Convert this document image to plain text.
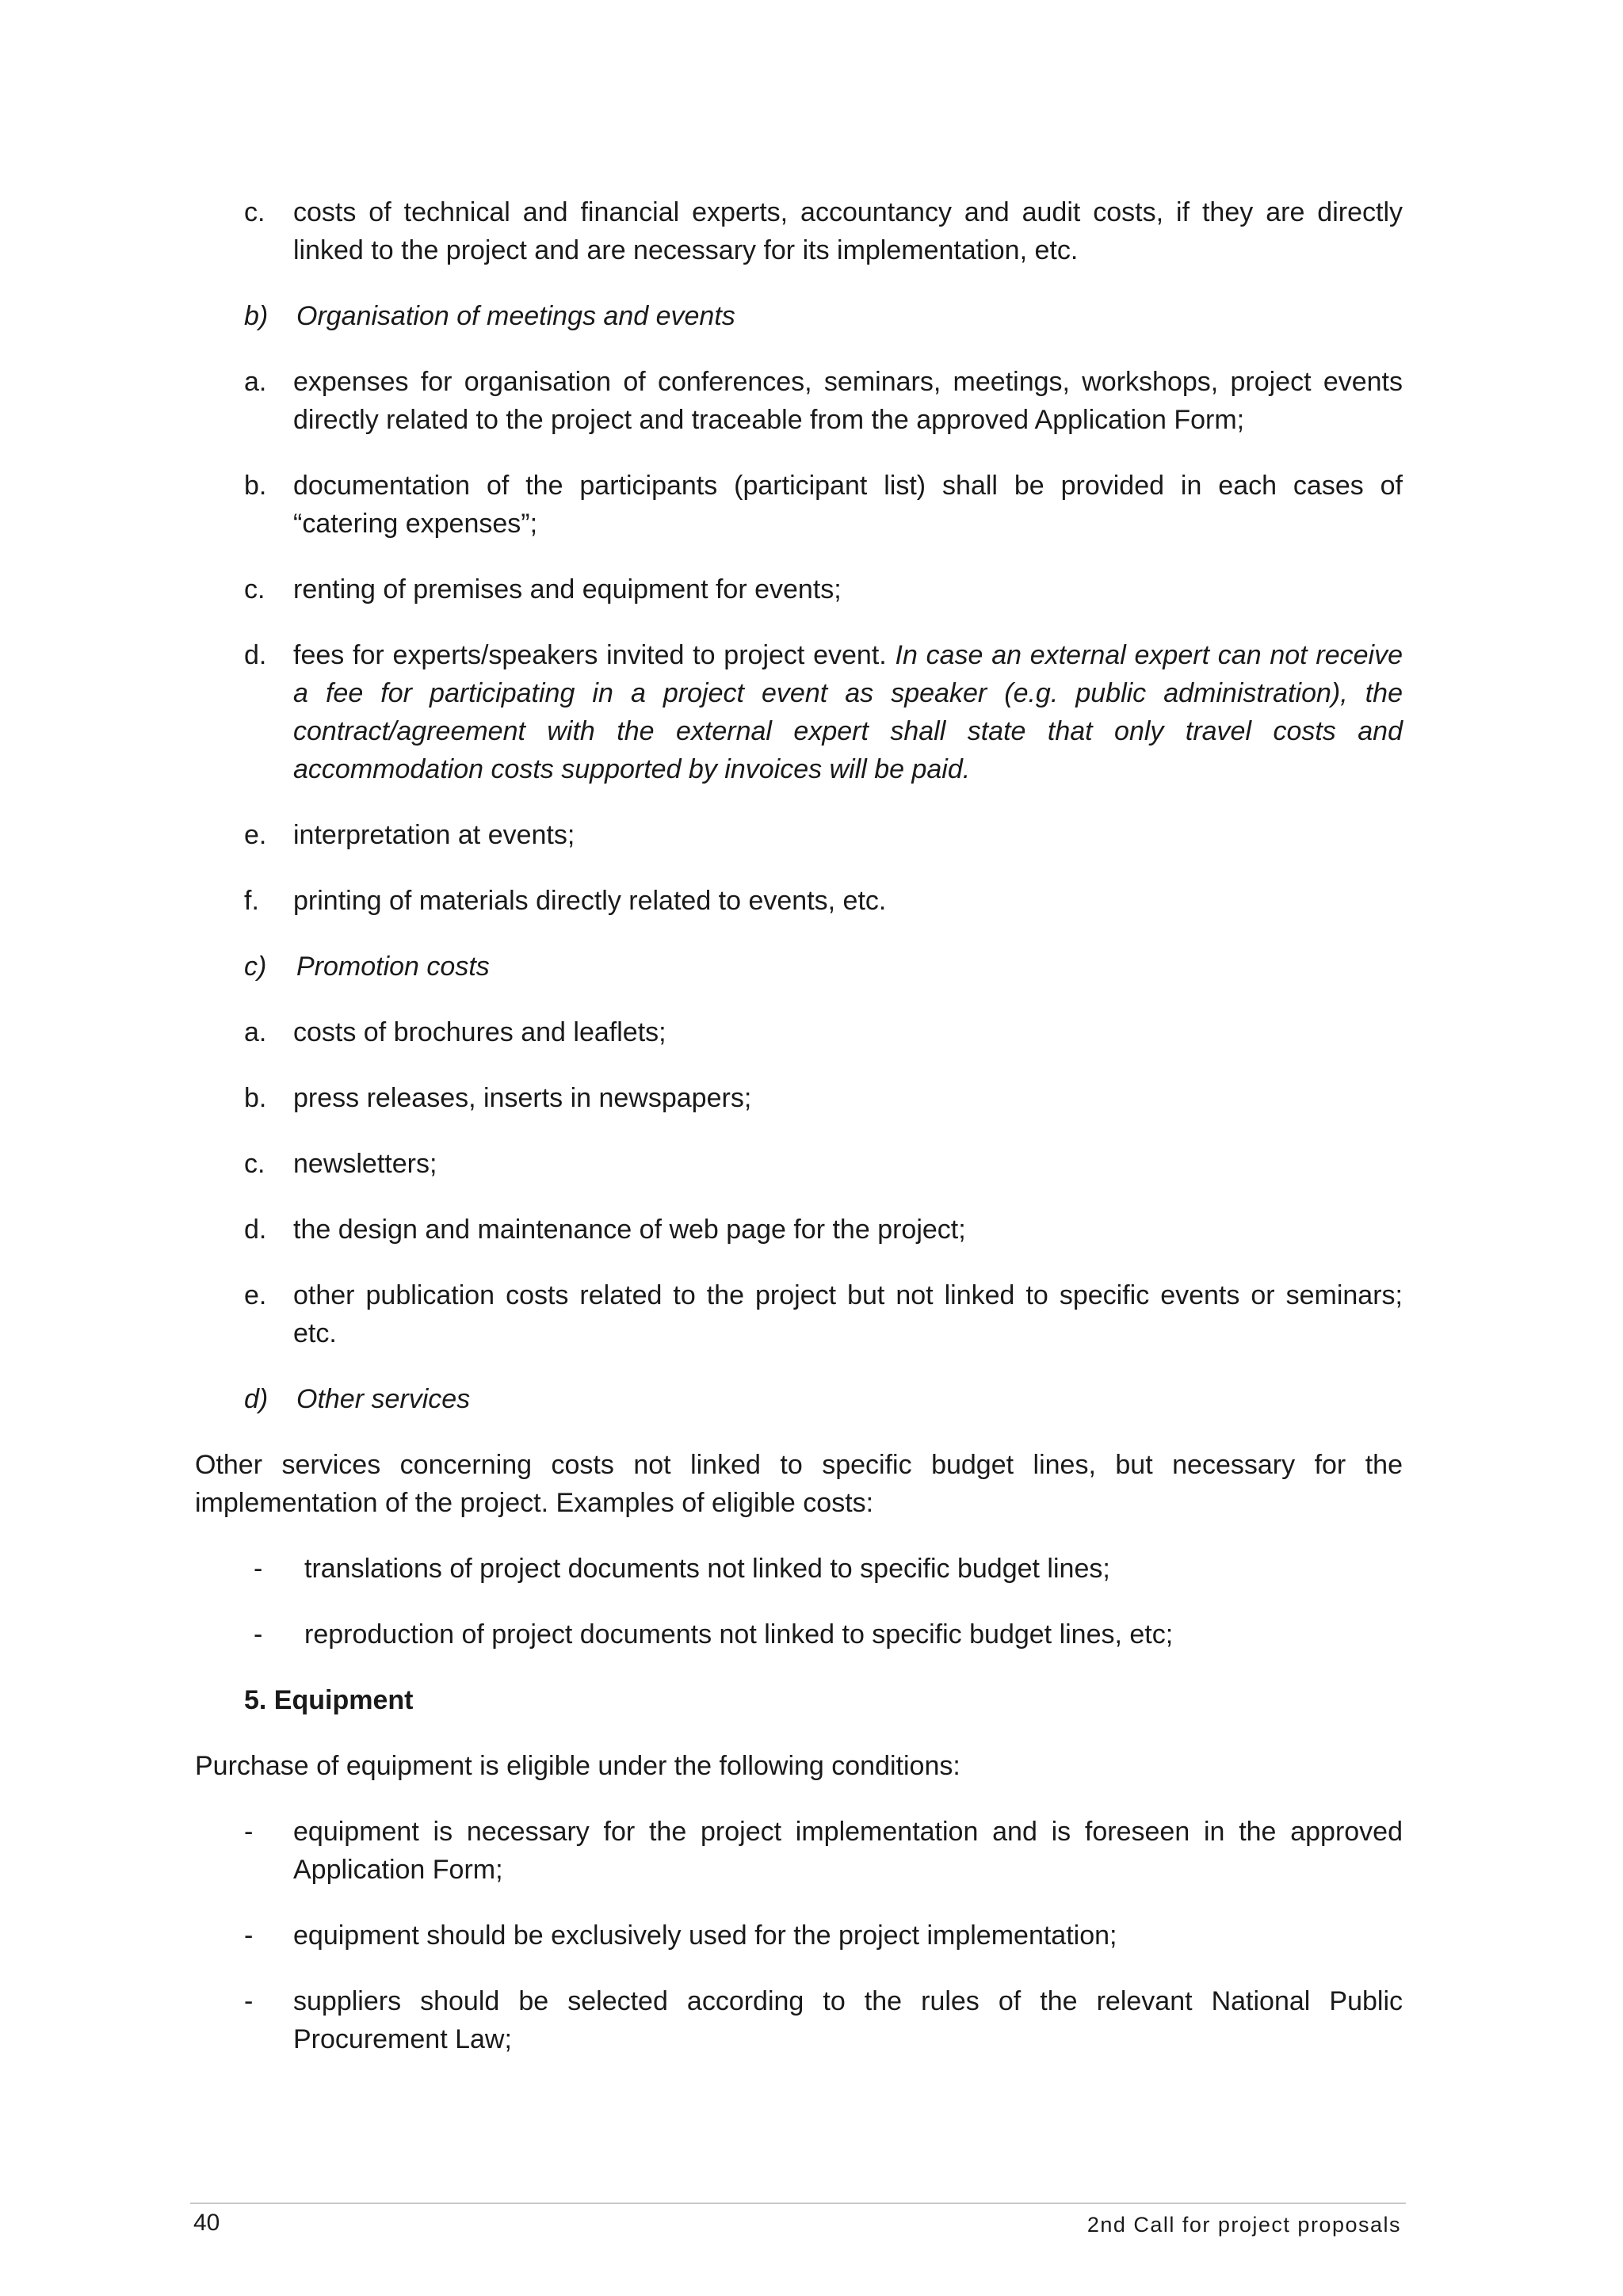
c. costs of technical and financial experts, accountancy and audit costs, if they are directly linked to the project and are necessary for its implementation, etc.
b) Organisation of meetings and events
a. expenses for organisation of conferences, seminars, meetings, workshops, project events directly related to the project and traceable from the approved Application Form;
b. documentation of the participants (participant list) shall be provided in each cases of “catering expenses”;
c. renting of premises and equipment for events;
d. fees for experts/speakers invited to project event. In case an external expert can not receive a fee for participating in a project event as speaker (e.g. public administration), the contract/agreement with the external expert shall state that only travel costs and accommodation costs supported by invoices will be paid.
e. interpretation at events;
f. printing of materials directly related to events, etc.
c) Promotion costs
a. costs of brochures and leaflets;
b. press releases, inserts in newspapers;
c. newsletters;
d. the design and maintenance of web page for the project;
e. other publication costs related to the project but not linked to specific events or seminars; etc.
d) Other services
Other services concerning costs not linked to specific budget lines, but necessary for the implementation of the project. Examples of eligible costs:
- translations of project documents not linked to specific budget lines;
- reproduction of project documents not linked to specific budget lines, etc;
5. Equipment
Purchase of equipment is eligible under the following conditions:
- equipment is necessary for the project implementation and is foreseen in the approved Application Form;
- equipment should be exclusively used for the project implementation;
- suppliers should be selected according to the rules of the relevant National Public Procurement Law;
40	2nd Call for project proposals
